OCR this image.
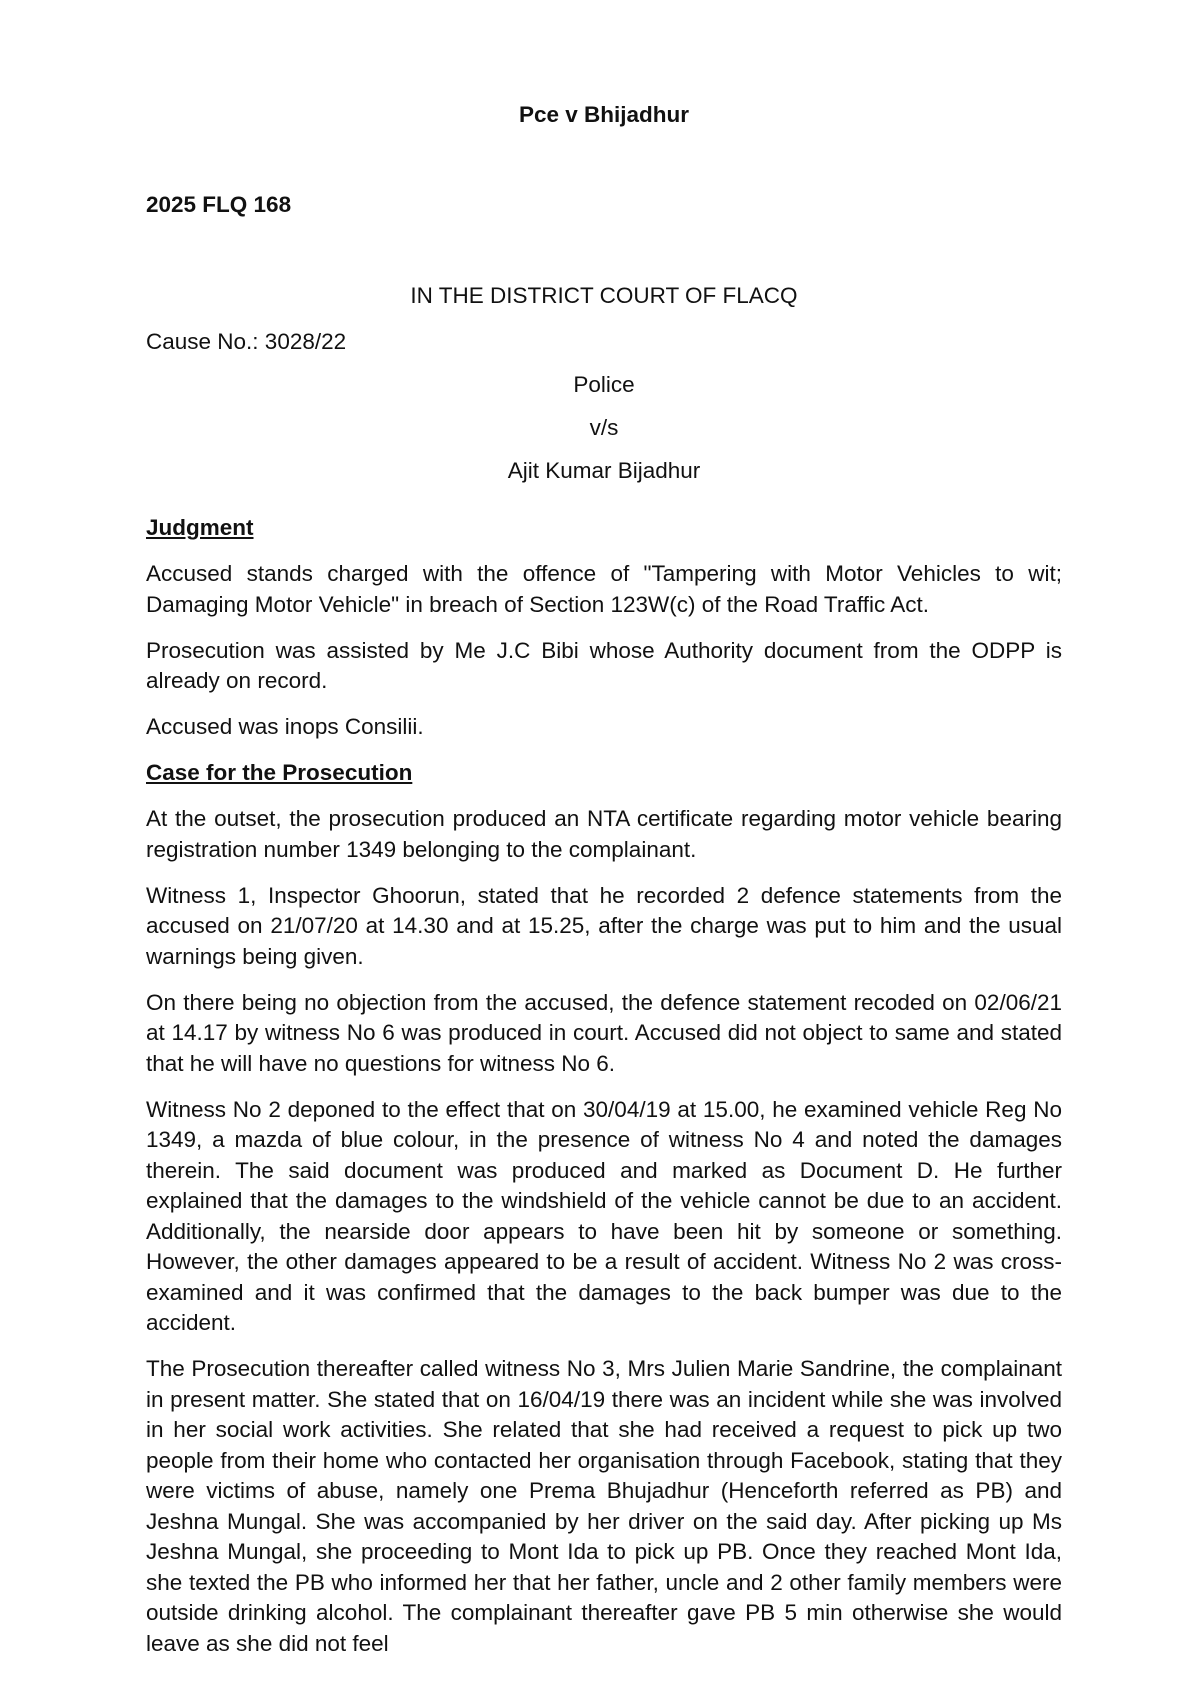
Pce v Bhijadhur
2025 FLQ 168
IN THE DISTRICT COURT OF FLACQ
Cause No.: 3028/22
Police
v/s
Ajit Kumar Bijadhur
Judgment

Accused stands charged with the offence of "Tampering with Motor Vehicles to wit; Damaging Motor Vehicle" in breach of Section 123W(c) of the Road Traffic Act.

Prosecution was assisted by Me J.C Bibi whose Authority document from the ODPP is already on record.

Accused was inops Consilii.

Case for the Prosecution

At the outset, the prosecution produced an NTA certificate regarding motor vehicle bearing registration number 1349 belonging to the complainant.

Witness 1, Inspector Ghoorun, stated that he recorded 2 defence statements from the accused on 21/07/20 at 14.30 and at 15.25, after the charge was put to him and the usual warnings being given.

On there being no objection from the accused, the defence statement recoded on 02/06/21 at 14.17 by witness No 6 was produced in court. Accused did not object to same and stated that he will have no questions for witness No 6.

Witness No 2 deponed to the effect that on 30/04/19 at 15.00, he examined vehicle Reg No 1349, a mazda of blue colour, in the presence of witness No 4 and noted the damages therein. The said document was produced and marked as Document D. He further explained that the damages to the windshield of the vehicle cannot be due to an accident. Additionally, the nearside door appears to have been hit by someone or something. However, the other damages appeared to be a result of accident. Witness No 2 was cross-examined and it was confirmed that the damages to the back bumper was due to the accident.

The Prosecution thereafter called witness No 3, Mrs Julien Marie Sandrine, the complainant in present matter. She stated that on 16/04/19 there was an incident while she was involved in her social work activities. She related that she had received a request to pick up two people from their home who contacted her organisation through Facebook, stating that they were victims of abuse, namely one Prema Bhujadhur (Henceforth referred as PB) and Jeshna Mungal. She was accompanied by her driver on the said day. After picking up Ms Jeshna Mungal, she proceeding to Mont Ida to pick up PB. Once they reached Mont Ida, she texted the PB who informed her that her father, uncle and 2 other family members were outside drinking alcohol. The complainant thereafter gave PB 5 min otherwise she would leave as she did not feel
